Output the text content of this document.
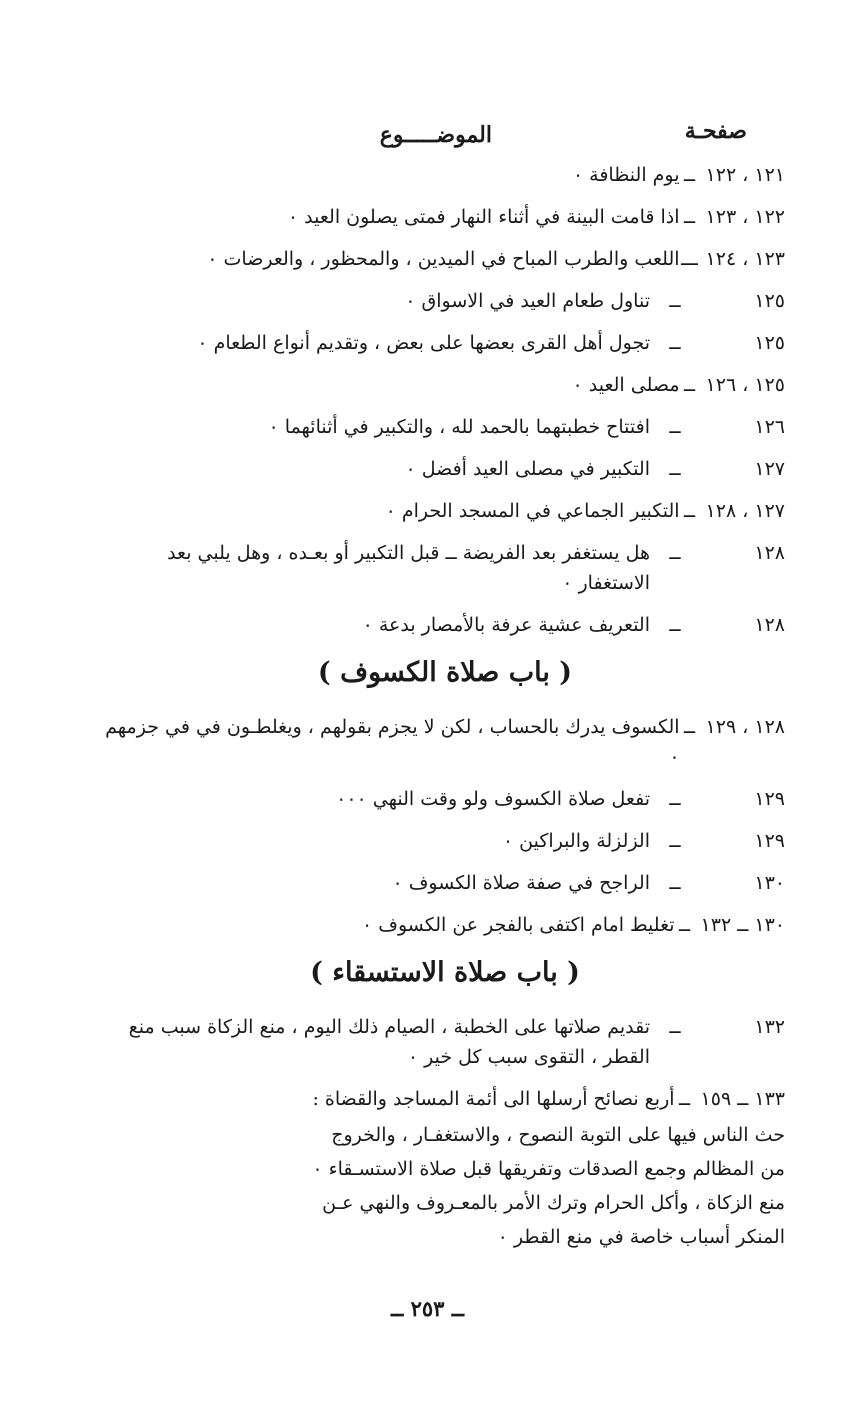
صفحـة
الموضـــــوع
١٢١ ، ١٢٢
ــ
يوم النظافة ٠
١٢٢ ، ١٢٣
ــ
اذا قامت البينة في أثناء النهار فمتى يصلون العيد ٠
١٢٣ ، ١٢٤
ـــ
اللعب والطرب المباح في الميدين ، والمحظور ، والعرضات ٠
١٢٥
ــ
تناول طعام العيد في الاسواق ٠
١٢٥
ــ
تجول أهل القرى بعضها على بعض ، وتقديم أنواع الطعام ٠
١٢٥ ، ١٢٦
ــ
مصلى العيد ٠
١٢٦
ــ
افتتاح خطبتهما بالحمد لله ، والتكبير في أثنائهما ٠
١٢٧
ــ
التكبير في مصلى العيد أفضل ٠
١٢٧ ، ١٢٨
ــ
التكبير الجماعي في المسجد الحرام ٠
١٢٨
ــ
هل يستغفر بعد الفريضة ــ قبل التكبير أو بعـده ، وهل يلبي بعد الاستغفار ٠
١٢٨
ــ
التعريف عشية عرفة بالأمصار بدعة ٠
( باب صلاة الكسوف )
١٢٨ ، ١٢٩
ــ
الكسوف يدرك بالحساب ، لكن لا يجزم بقولهم ، ويغلطـون في في جزمهم ٠
١٢٩
ــ
تفعل صلاة الكسوف ولو وقت النهي ٠٠٠
١٢٩
ــ
الزلزلة والبراكين ٠
١٣٠
ــ
الراجح في صفة صلاة الكسوف ٠
١٣٠ ــ ١٣٢
ــ
تغليط امام اكتفى بالفجر عن الكسوف ٠
( باب صلاة الاستسقاء )
١٣٢
ــ
تقديم صلاتها على الخطبة ، الصيام ذلك اليوم ، منع الزكاة سبب منع القطر ، التقوى سبب كل خير ٠
١٣٣ ــ ١٥٩
ــ
أربع نصائح أرسلها الى أئمة المساجد والقضاة :
حث الناس فيها على التوبة النصوح ، والاستغفـار ، والخروج
من المظالم وجمع الصدقات وتفريقها قبل صلاة الاستسـقاء ٠
منع الزكاة ، وأكل الحرام وترك الأمر بالمعـروف والنهي عـن
المنكر أسباب خاصة في منع القطر ٠
ــ ٢٥٣ ــ
